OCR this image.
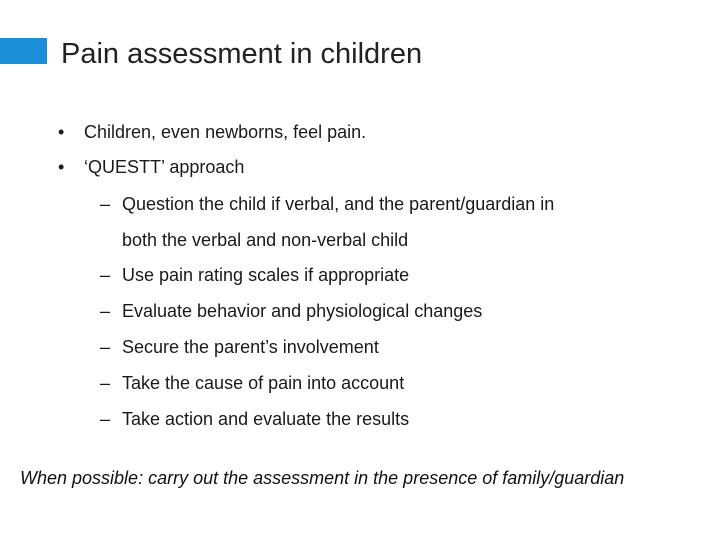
Pain assessment in children
• Children, even newborns, feel pain.
• ‘QUESTT’ approach
– Question the child if verbal, and the parent/guardian in
both the verbal and non-verbal child
– Use pain rating scales if appropriate
– Evaluate behavior and physiological changes
– Secure the parent’s involvement
– Take the cause of pain into account
– Take action and evaluate the results
When possible: carry out the assessment in the presence of family/guardian
